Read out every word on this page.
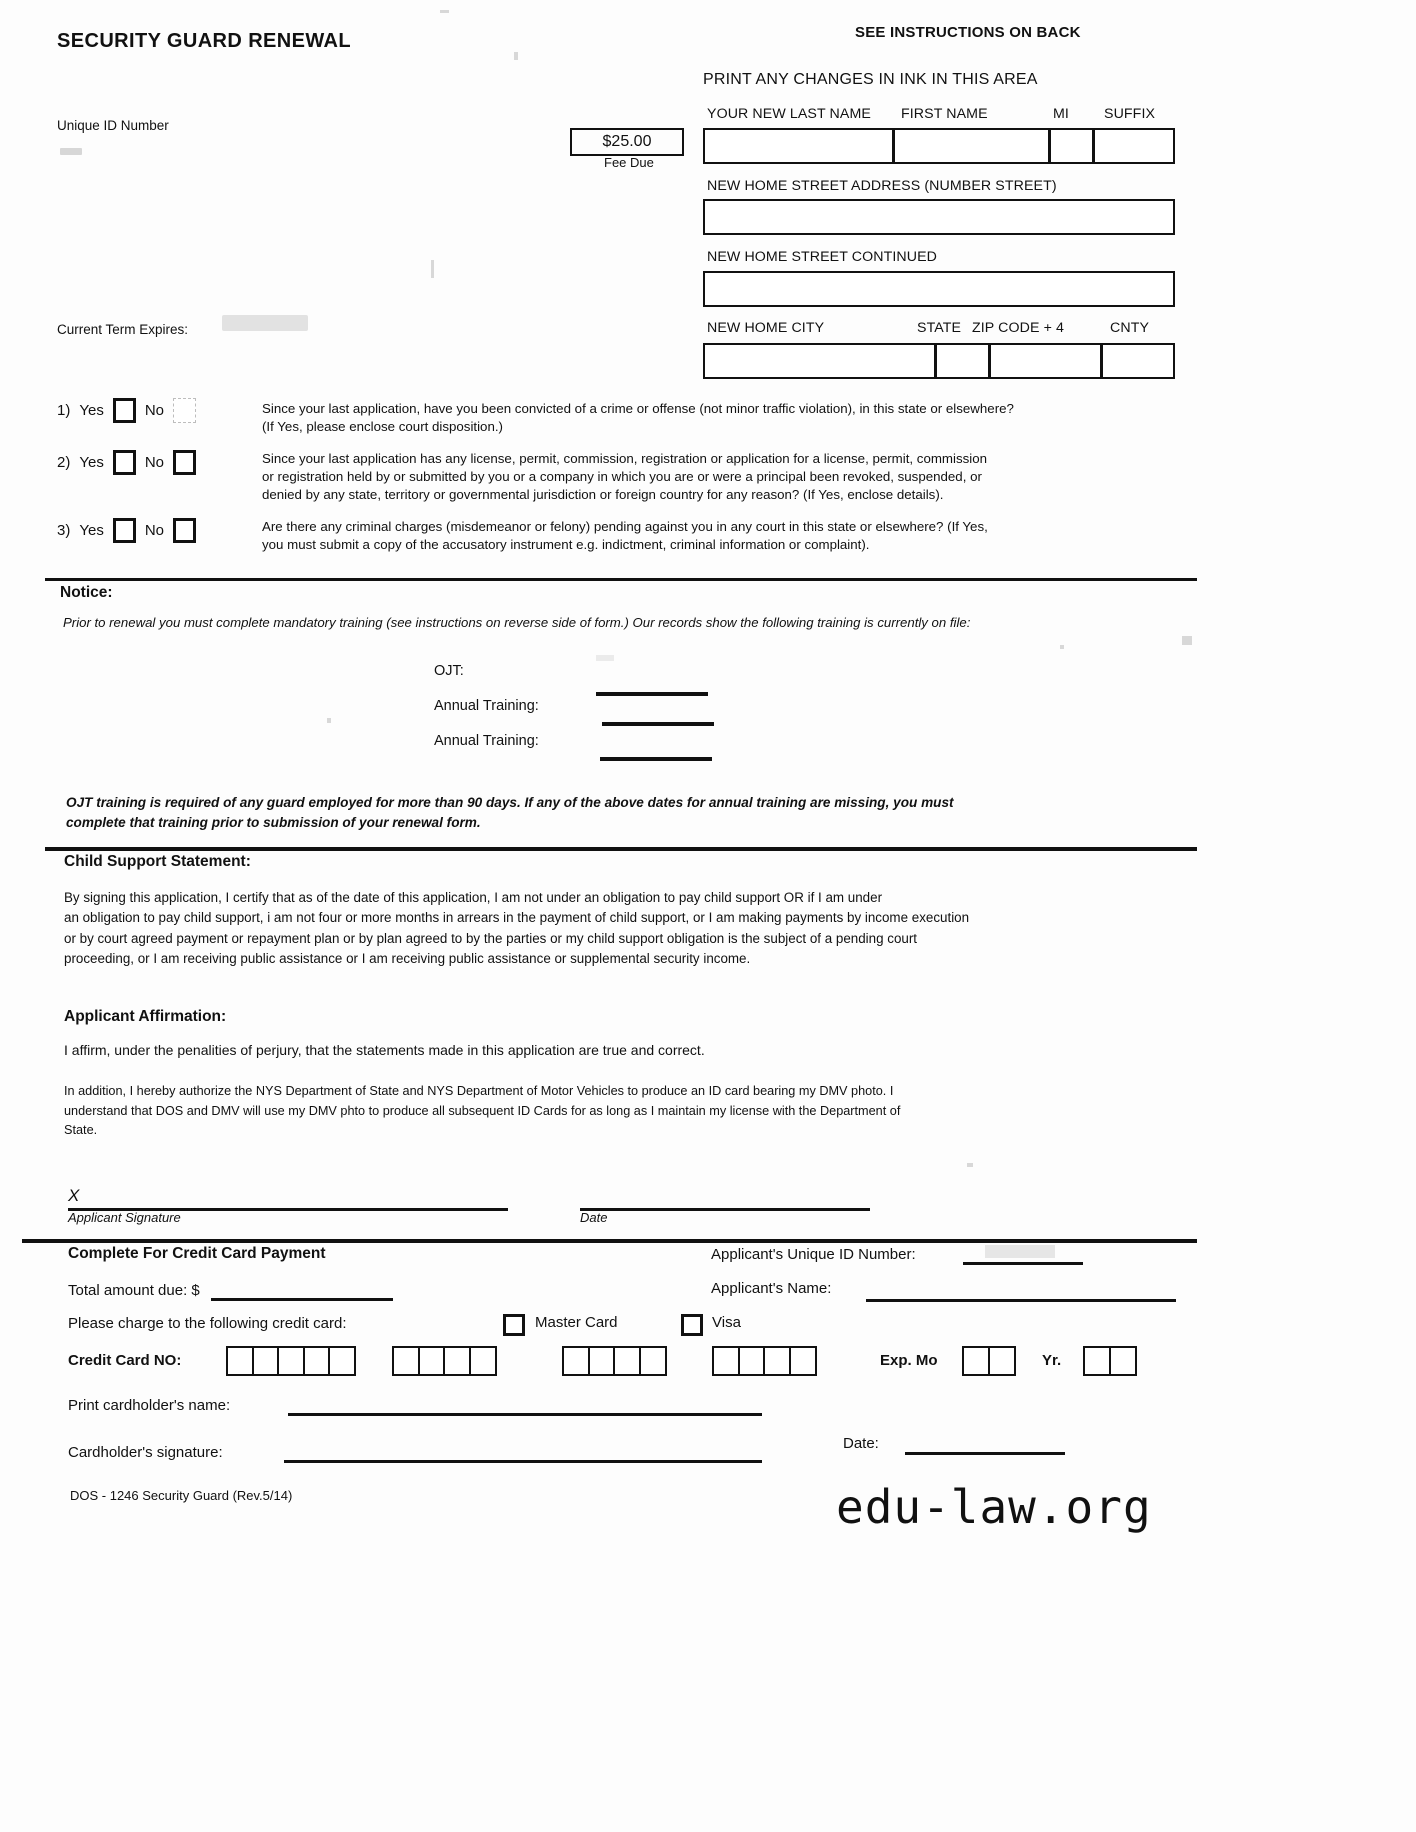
SECURITY GUARD RENEWAL	SEE INSTRUCTIONS ON BACK
PRINT ANY CHANGES IN INK IN THIS AREA
Unique ID Number
Current Term Expires:
$25.00
Fee Due
YOUR NEW LAST NAME FIRST NAME	MI SUFFIX
NEW HOME STREET ADDRESS (NUMBER STREET)
NEW HOME STREET CONTINUED
NEW HOME CITY	STATE ZIP CODE + 4	CNTY
1) Yes	No	Since your last application, have you been convicted of a crime or offense (not minor traffic violation), in this state or elsewhere?
(If Yes, please enclose court disposition.)
2) Yes	No	Since your last application has any license, permit, commission, registration or application for a license, permit, commission
or registration held by or submitted by you or a company in which you are or were a principal been revoked, suspended, or
denied by any state, territory or governmental jurisdiction or foreign country for any reason? (If Yes, enclose details).
3) Yes	No	Are there any criminal charges (misdemeanor or felony) pending against you in any court in this state or elsewhere? (If Yes,
you must submit a copy of the accusatory instrument e.g. indictment, criminal information or complaint).
Notice:
Prior to renewal you must complete mandatory training (see instructions on reverse side of form.) Our records show the following training is currently on file:
OJT:
Annual Training:
Annual Training:
OJT training is required of any guard employed for more than 90 days. If any of the above dates for annual training are missing, you must
complete that training prior to submission of your renewal form.
Child Support Statement:
By signing this application, I certify that as of the date of this application, I am not under an obligation to pay child support OR if I am under
an obligation to pay child support, i am not four or more months in arrears in the payment of child support, or I am making payments by income execution
or by court agreed payment or repayment plan or by plan agreed to by the parties or my child support obligation is the subject of a pending court
proceeding, or I am receiving public assistance or I am receiving public assistance or supplemental security income.
Applicant Affirmation:
I affirm, under the penalities of perjury, that the statements made in this application are true and correct.
In addition, I hereby authorize the NYS Department of State and NYS Department of Motor Vehicles to produce an ID card bearing my DMV photo. I
understand that DOS and DMV will use my DMV phto to produce all subsequent ID Cards for as long as I maintain my license with the Department of
State.
X
Applicant Signature	Date
Complete For Credit Card Payment
Total amount due: $
Please charge to the following credit card:	Master Card	Visa
Credit Card NO:	Exp. Mo	Yr.
Print cardholder's name:
Cardholder's signature:
Applicant's Unique ID Number:
Applicant's Name:
Date:
DOS - 1246 Security Guard (Rev.5/14)	edu-law.org
